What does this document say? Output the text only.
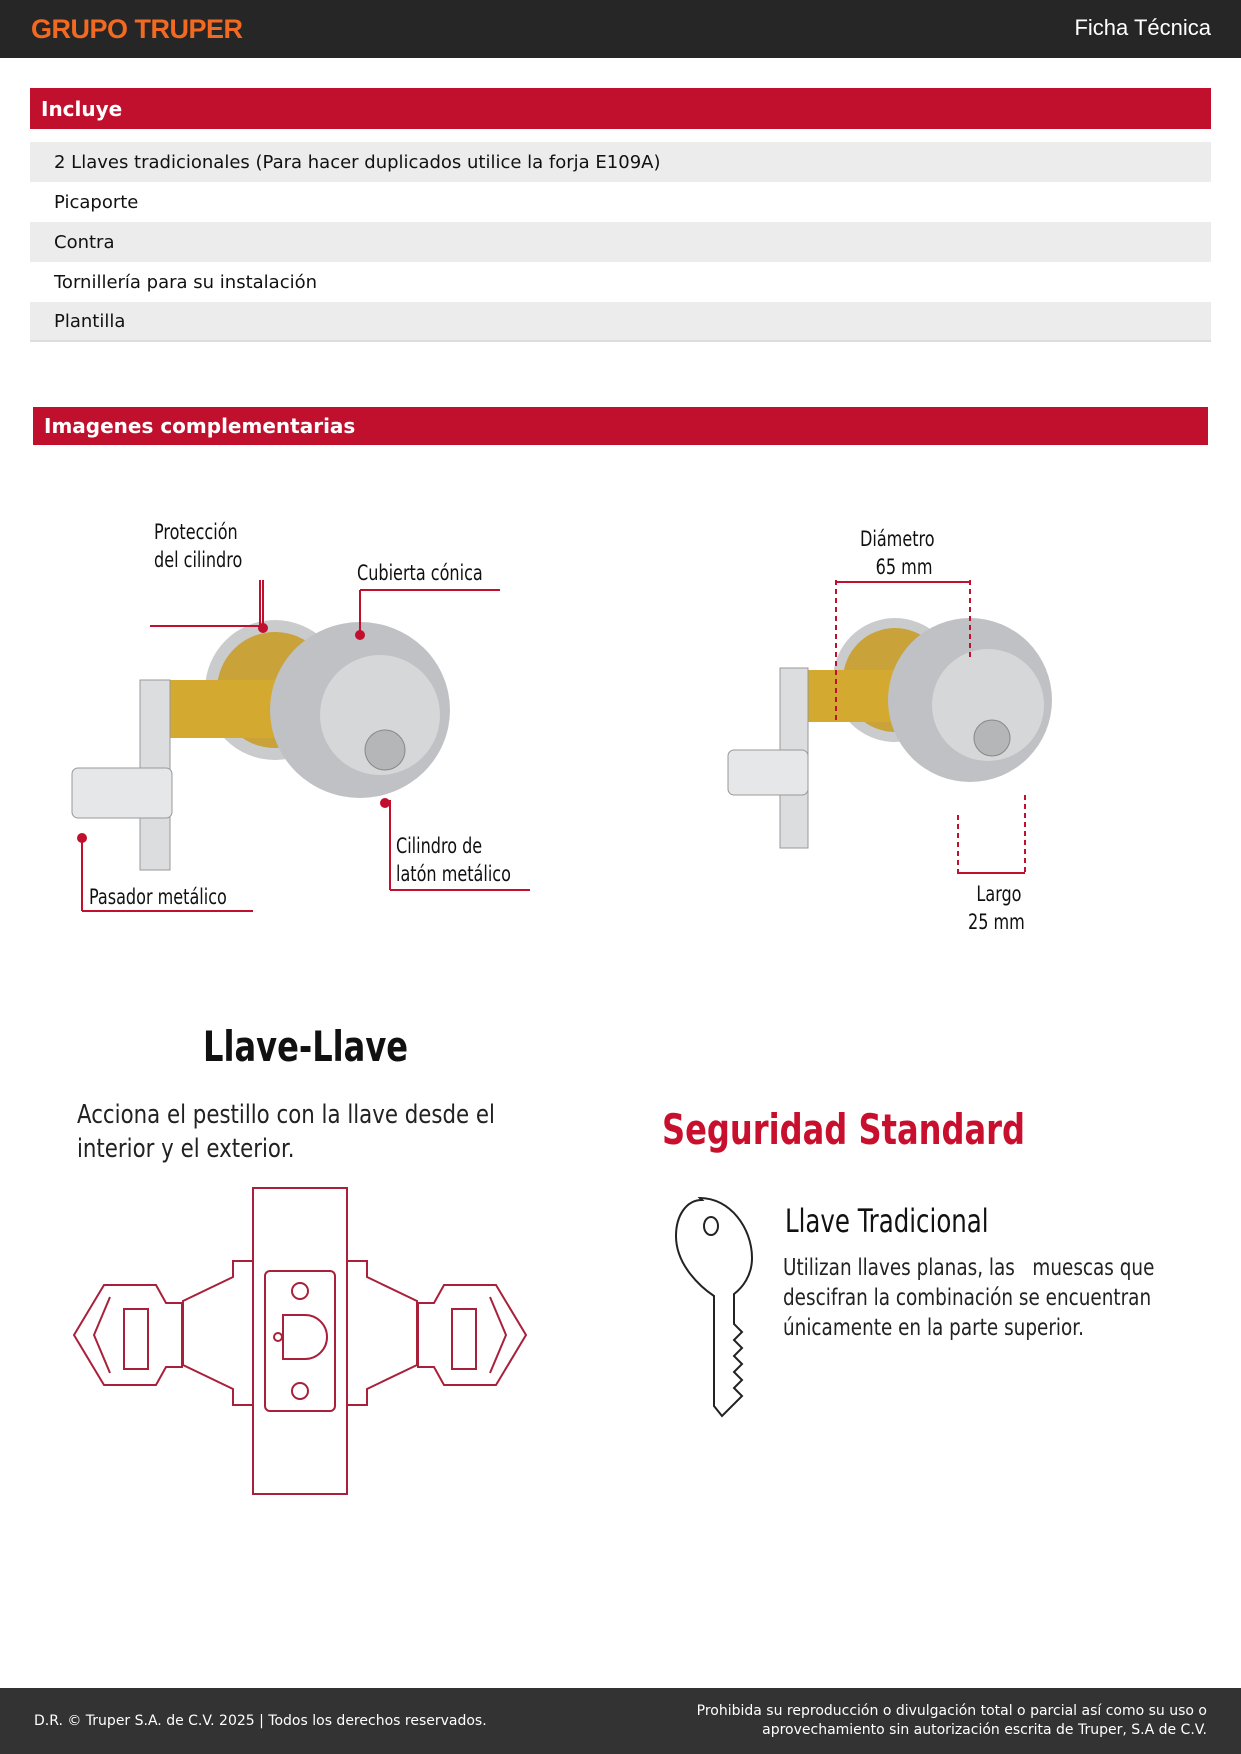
GRUPO TRUPER	Ficha Técnica
Incluye
2 Llaves tradicionales (Para hacer duplicados utilice la forja E109A)
Picaporte
Contra
Tornillería para su instalación
Plantilla
Imagenes complementarias
Protección
del cilindro
Cubierta cónica
Cilindro de
latón metálico
Pasador metálico
Diámetro
65 mm
Largo
25 mm
Llave-Llave
Acciona el pestillo con la llave desde el
interior y el exterior.	Seguridad Standard
Llave Tradicional
Utilizan llaves planas, las   muescas que
descifran la combinación se encuentran
únicamente en la parte superior.
D.R. © Truper S.A. de C.V. 2025 | Todos los derechos reservados.
Prohibida su reproducción o divulgación total o parcial así como su uso o
aprovechamiento sin autorización escrita de Truper, S.A de C.V.
